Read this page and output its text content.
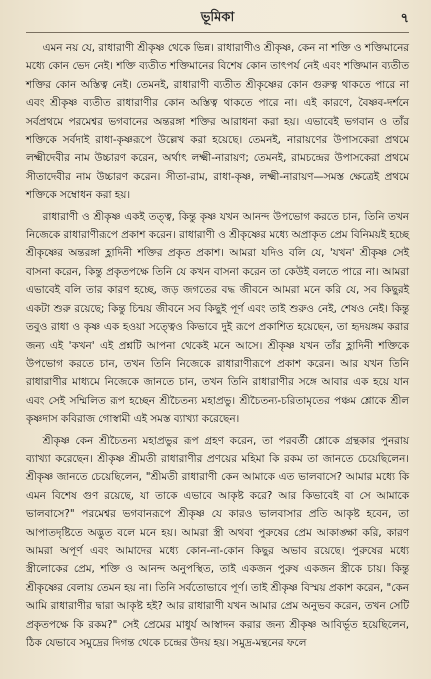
ভূমিকা	৭

এমন নয় যে, রাধারাণী শ্রীকৃষ্ণ থেকে ভিন্ন। রাধারাণীও শ্রীকৃষ্ণ, কেন না শক্তি ও শক্তিমানের মধ্যে কোন ভেদ নেই। শক্তি ব্যতীত শক্তিমানের বিশেষ কোন তাৎপর্য নেই এবং শক্তিমান ব্যতীত শক্তির কোন অস্তিত্ব নেই। তেমনই, রাধারাণী ব্যতীত শ্রীকৃষ্ণের কোন গুরুত্ব থাকতে পারে না এবং শ্রীকৃষ্ণ ব্যতীত রাধারাণীর কোন অস্তিত্ব থাকতে পারে না। এই কারণে, বৈষ্ণব-দর্শনে সর্বপ্রথমে পরমেশ্বর ভগবানের অন্তরঙ্গা শক্তির আরাধনা করা হয়। এভাবেই ভগবান ও তাঁর শক্তিকে সর্বদাই রাধা-কৃষ্ণরূপে উল্লেখ করা হয়েছে। তেমনই, নারায়ণের উপাসকেরা প্রথমে লক্ষ্মীদেবীর নাম উচ্চারণ করেন, অর্থাৎ লক্ষ্মী-নারায়ণ; তেমনই, রামচন্দ্রের উপাসকেরা প্রথমে সীতাদেবীর নাম উচ্চারণ করেন। সীতা-রাম, রাধা-কৃষ্ণ, লক্ষ্মী-নারায়ণ—সমস্ত ক্ষেত্রেই প্রথমে শক্তিকে সম্বোধন করা হয়।

রাধারাণী ও শ্রীকৃষ্ণ একই তত্ত্ব, কিন্তু কৃষ্ণ যখন আনন্দ উপভোগ করতে চান, তিনি তখন নিজেকে রাধারাণীরূপে প্রকাশ করেন। রাধারাণী ও শ্রীকৃষ্ণের মধ্যে অপ্রাকৃত প্রেম বিনিময়ই হচ্ছে শ্রীকৃষ্ণের অন্তরঙ্গা হ্লাদিনী শক্তির প্রকৃত প্রকাশ। আমরা যদিও বলি যে, 'যখন' শ্রীকৃষ্ণ সেই বাসনা করেন, কিন্তু প্রকৃতপক্ষে তিনি যে কখন বাসনা করেন তা কেউই বলতে পারে না। আমরা এভাবেই বলি তার কারণ হচ্ছে, জড় জগতের বদ্ধ জীবনে আমরা মনে করি যে, সব কিছুরই একটা শুরু রয়েছে; কিন্তু চিন্ময় জীবনে সব কিছুই পূর্ণ এবং তাই শুরুও নেই, শেষও নেই। কিন্তু তবুও রাধা ও কৃষ্ণ এক হওয়া সত্ত্বেও কিভাবে দুই রূপে প্রকাশিত হয়েছেন, তা হৃদয়ঙ্গম করার জন্য এই 'কখন' এই প্রশ্নটি আপনা থেকেই মনে আসে। শ্রীকৃষ্ণ যখন তাঁর হ্লাদিনী শক্তিকে উপভোগ করতে চান, তখন তিনি নিজেকে রাধারাণীরূপে প্রকাশ করেন। আর যখন তিনি রাধারাণীর মাধ্যমে নিজেকে জানতে চান, তখন তিনি রাধারাণীর সঙ্গে আবার এক হয়ে যান এবং সেই সম্মিলিত রূপ হচ্ছেন শ্রীচৈতন্য মহাপ্রভু। শ্রীচৈতন্য-চরিতামৃতের পঞ্চম শ্লোকে শ্রীল কৃষ্ণদাস কবিরাজ গোস্বামী এই সমস্ত ব্যাখ্যা করেছেন।

শ্রীকৃষ্ণ কেন শ্রীচৈতন্য মহাপ্রভুর রূপ গ্রহণ করেন, তা পরবর্তী শ্লোকে গ্রন্থকার পুনরায় ব্যাখ্যা করেছেন। শ্রীকৃষ্ণ শ্রীমতী রাধারাণীর প্রণয়ের মহিমা কি রকম তা জানতে চেয়েছিলেন। শ্রীকৃষ্ণ জানতে চেয়েছিলেন, "শ্রীমতী রাধারাণী কেন আমাকে এত ভালবাসে? আমার মধ্যে কি এমন বিশেষ গুণ রয়েছে, যা তাকে এভাবে আকৃষ্ট করে? আর কিভাবেই বা সে আমাকে ভালবাসে?" পরমেশ্বর ভগবানরূপে শ্রীকৃষ্ণ যে কারও ভালবাসার প্রতি আকৃষ্ট হবেন, তা আপাতদৃষ্টিতে অদ্ভুত বলে মনে হয়। আমরা স্ত্রী অথবা পুরুষের প্রেম আকাঙ্ক্ষা করি, কারণ আমরা অপূর্ণ এবং আমাদের মধ্যে কোন-না-কোন কিছুর অভাব রয়েছে। পুরুষের মধ্যে স্ত্রীলোকের প্রেম, শক্তি ও আনন্দ অনুপস্থিত, তাই একজন পুরুষ একজন স্ত্রীকে চায়। কিন্তু শ্রীকৃষ্ণের বেলায় তেমন হয় না। তিনি সর্বতোভাবে পূর্ণ। তাই শ্রীকৃষ্ণ বিস্ময় প্রকাশ করেন, "কেন আমি রাধারাণীর দ্বারা আকৃষ্ট হই? আর রাধারাণী যখন আমার প্রেম অনুভব করেন, তখন সেটি প্রকৃতপক্ষে কি রকম?" সেই প্রেমের মাধুর্য আস্বাদন করার জন্য শ্রীকৃষ্ণ আবির্ভূত হয়েছিলেন, ঠিক যেভাবে সমুদ্রের দিগন্ত থেকে চন্দ্রের উদয় হয়। সমুদ্র-মন্থনের ফলে
